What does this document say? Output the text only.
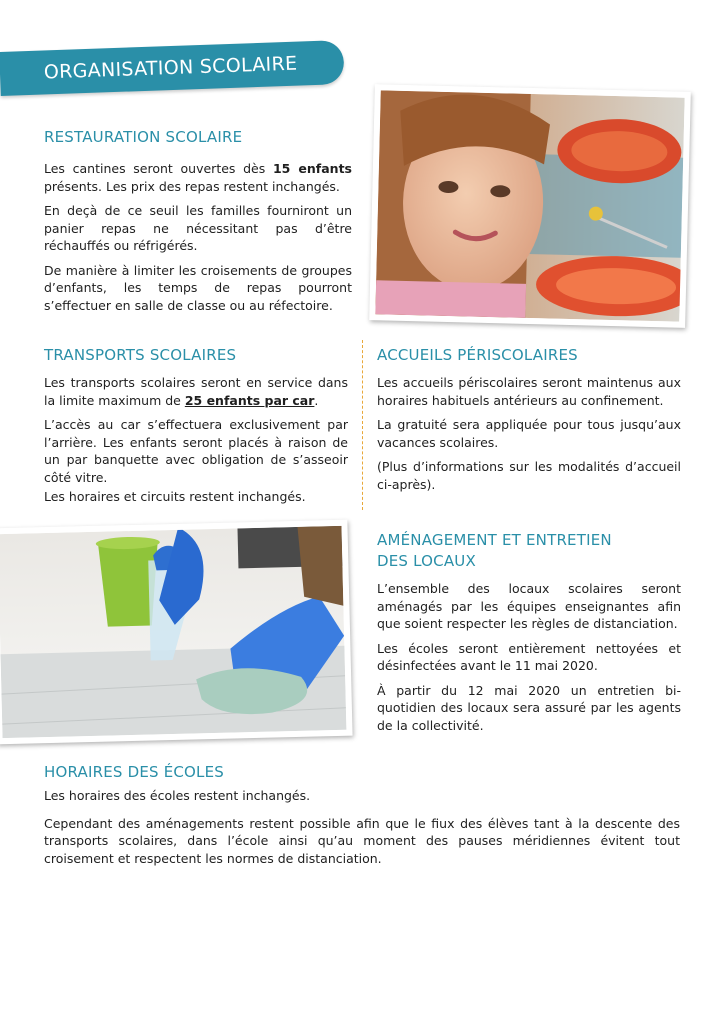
ORGANISATION SCOLAIRE
RESTAURATION SCOLAIRE

Les cantines seront ouvertes dès 15 enfants présents. Les prix des repas restent inchangés.

En deçà de ce seuil les familles fourniront un panier repas ne nécessitant pas d’être réchauffés ou réfrigérés.

De manière à limiter les croisements de groupes d’enfants, les temps de repas pourront s’effectuer en salle de classe ou au réfectoire.

TRANSPORTS SCOLAIRES

Les transports scolaires seront en service dans la limite maximum de 25 enfants par car.

L’accès au car s’effectuera exclusivement par l’arrière. Les enfants seront placés à raison de un par banquette avec obligation de s’asseoir côté vitre.

Les horaires et circuits restent inchangés.

ACCUEILS PÉRISCOLAIRES

Les accueils périscolaires seront maintenus aux horaires habituels antérieurs au confinement.

La gratuité sera appliquée pour tous jusqu’aux vacances scolaires.

(Plus d’informations sur les modalités d’accueil ci-après).

AMÉNAGEMENT ET ENTRETIEN
DES LOCAUX

L’ensemble des locaux scolaires seront aménagés par les équipes enseignantes afin que soient respecter les règles de distanciation.

Les écoles seront entièrement nettoyées et désinfectées avant le 11 mai 2020.

À partir du 12 mai 2020 un entretien bi-quotidien des locaux sera assuré par les agents de la collectivité.

HORAIRES DES ÉCOLES

Les horaires des écoles restent inchangés.

Cependant des aménagements restent possible afin que le fiux des élèves tant à la descente des transports scolaires, dans l’école ainsi qu’au moment des pauses méridiennes évitent tout croisement et respectent les normes de distanciation.
